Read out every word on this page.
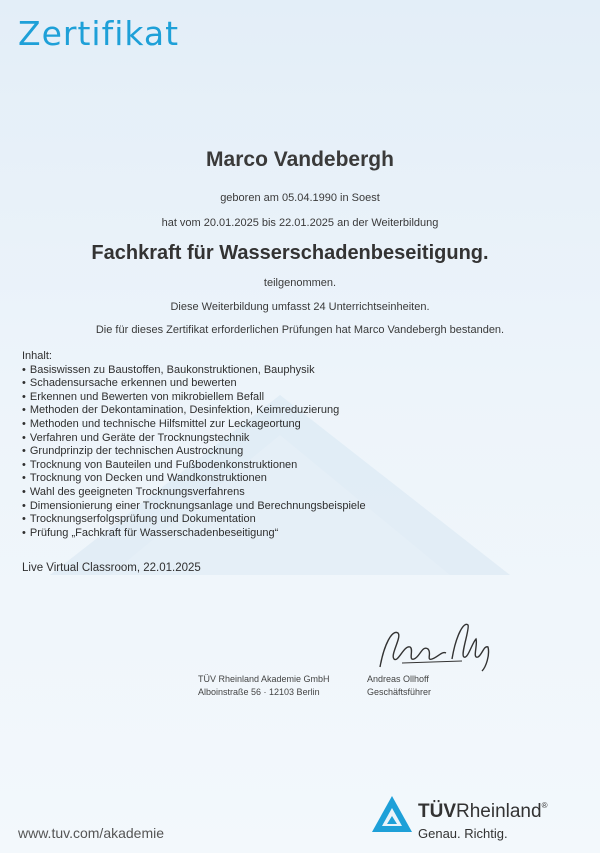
Zertifikat
Marco Vandebergh
geboren am 05.04.1990 in Soest
hat vom 20.01.2025 bis 22.01.2025 an der Weiterbildung
Fachkraft für Wasserschadenbeseitigung.
teilgenommen.
Diese Weiterbildung umfasst 24 Unterrichtseinheiten.
Die für dieses Zertifikat erforderlichen Prüfungen hat Marco Vandebergh bestanden.
Inhalt:
• Basiswissen zu Baustoffen, Baukonstruktionen, Bauphysik
• Schadensursache erkennen und bewerten
• Erkennen und Bewerten von mikrobiellem Befall
• Methoden der Dekontamination, Desinfektion, Keimreduzierung
• Methoden und technische Hilfsmittel zur Leckageortung
• Verfahren und Geräte der Trocknungstechnik
• Grundprinzip der technischen Austrocknung
• Trocknung von Bauteilen und Fußbodenkonstruktionen
• Trocknung von Decken und Wandkonstruktionen
• Wahl des geeigneten Trocknungsverfahrens
• Dimensionierung einer Trocknungsanlage und Berechnungsbeispiele
• Trocknungserfolgsprüfung und Dokumentation
• Prüfung „Fachkraft für Wasserschadenbeseitigung“
Live Virtual Classroom, 22.01.2025
TÜV Rheinland Akademie GmbH
Alboinstraße 56 · 12103 Berlin
Andreas Ollhoff
Geschäftsführer
www.tuv.com/akademie
TÜVRheinland®
Genau. Richtig.
